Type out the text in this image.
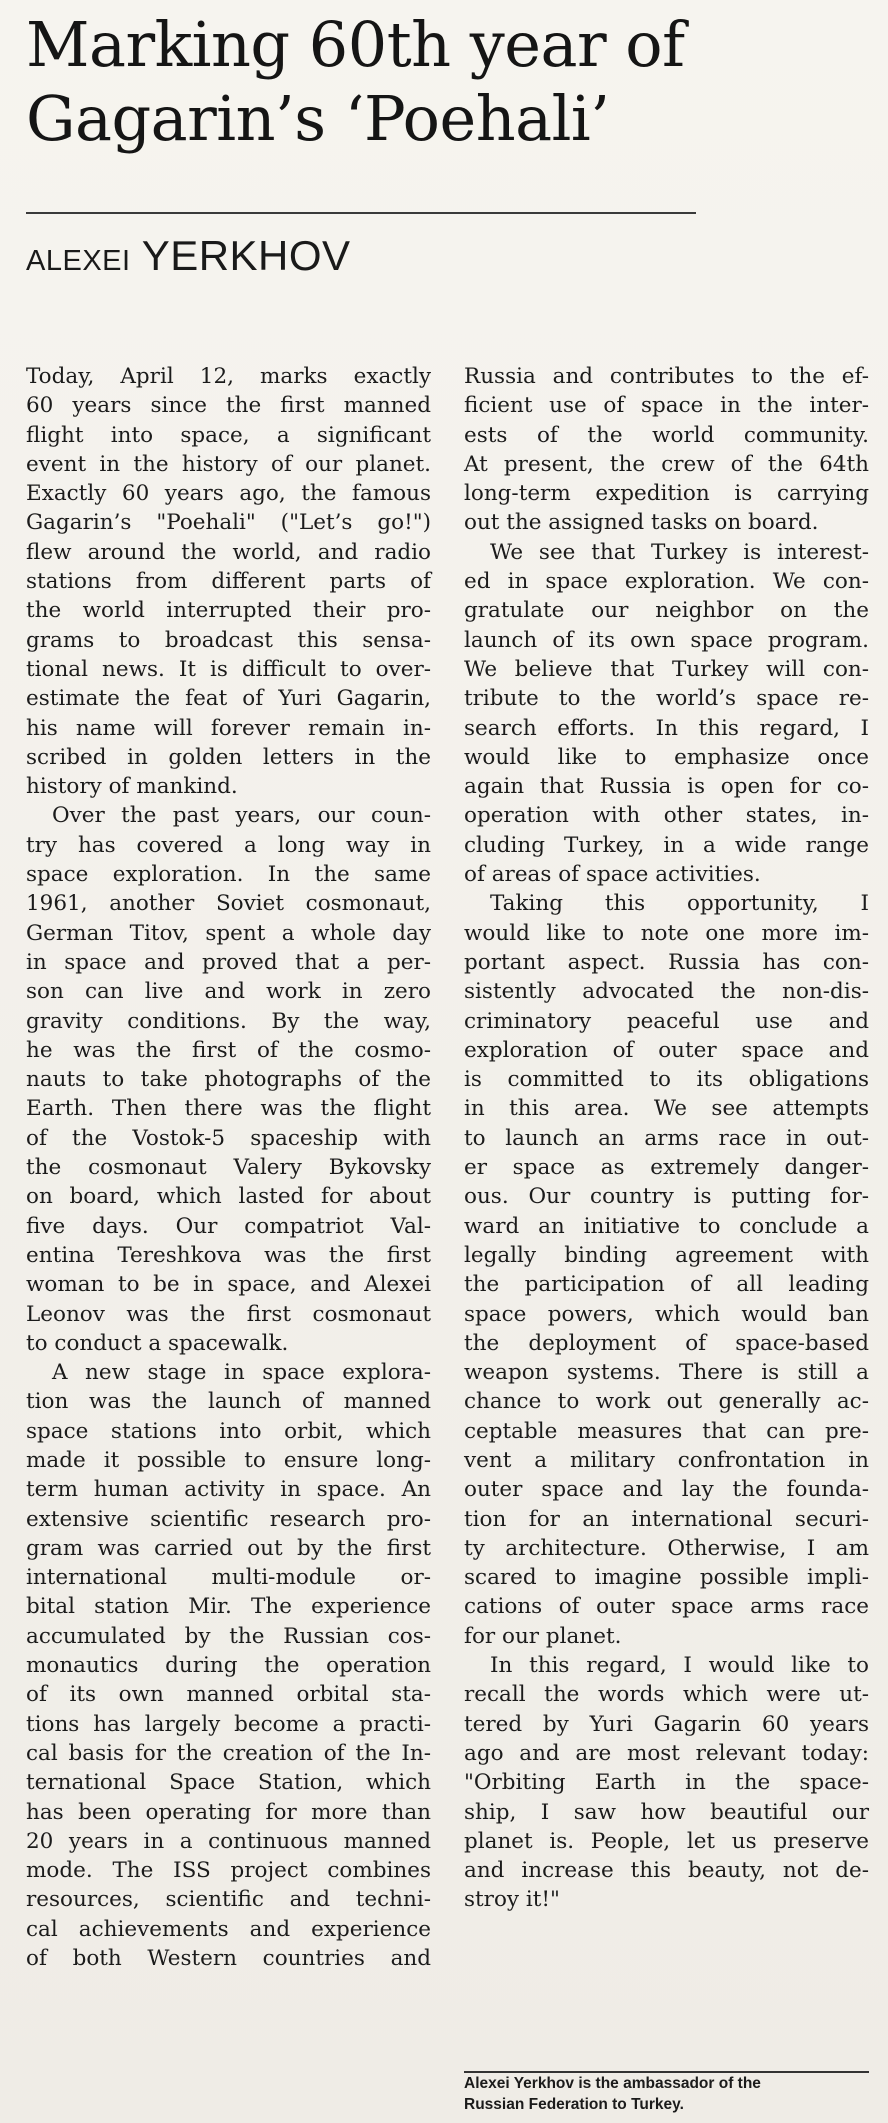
Marking 60th year of
Gagarin’s ‘Poehali’
ALEXEI YERKHOV
Today, April 12, marks exactly
60 years since the first manned
flight into space, a significant
event in the history of our planet.
Exactly 60 years ago, the famous
Gagarin’s "Poehali" ("Let’s go!")
flew around the world, and radio
stations from different parts of
the world interrupted their pro-
grams to broadcast this sensa-
tional news. It is difficult to over-
estimate the feat of Yuri Gagarin,
his name will forever remain in-
scribed in golden letters in the
history of mankind.
Over the past years, our coun-
try has covered a long way in
space exploration. In the same
1961, another Soviet cosmonaut,
German Titov, spent a whole day
in space and proved that a per-
son can live and work in zero
gravity conditions. By the way,
he was the first of the cosmo-
nauts to take photographs of the
Earth. Then there was the flight
of the Vostok-5 spaceship with
the cosmonaut Valery Bykovsky
on board, which lasted for about
five days. Our compatriot Val-
entina Tereshkova was the first
woman to be in space, and Alexei
Leonov was the first cosmonaut
to conduct a spacewalk.
A new stage in space explora-
tion was the launch of manned
space stations into orbit, which
made it possible to ensure long-
term human activity in space. An
extensive scientific research pro-
gram was carried out by the first
international multi-module or-
bital station Mir. The experience
accumulated by the Russian cos-
monautics during the operation
of its own manned orbital sta-
tions has largely become a practi-
cal basis for the creation of the In-
ternational Space Station, which
has been operating for more than
20 years in a continuous manned
mode. The ISS project combines
resources, scientific and techni-
cal achievements and experience
of both Western countries and
Russia and contributes to the ef-
ficient use of space in the inter-
ests of the world community.
At present, the crew of the 64th
long-term expedition is carrying
out the assigned tasks on board.
We see that Turkey is interest-
ed in space exploration. We con-
gratulate our neighbor on the
launch of its own space program.
We believe that Turkey will con-
tribute to the world’s space re-
search efforts. In this regard, I
would like to emphasize once
again that Russia is open for co-
operation with other states, in-
cluding Turkey, in a wide range
of areas of space activities.
Taking this opportunity, I
would like to note one more im-
portant aspect. Russia has con-
sistently advocated the non-dis-
criminatory peaceful use and
exploration of outer space and
is committed to its obligations
in this area. We see attempts
to launch an arms race in out-
er space as extremely danger-
ous. Our country is putting for-
ward an initiative to conclude a
legally binding agreement with
the participation of all leading
space powers, which would ban
the deployment of space-based
weapon systems. There is still a
chance to work out generally ac-
ceptable measures that can pre-
vent a military confrontation in
outer space and lay the founda-
tion for an international securi-
ty architecture. Otherwise, I am
scared to imagine possible impli-
cations of outer space arms race
for our planet.
In this regard, I would like to
recall the words which were ut-
tered by Yuri Gagarin 60 years
ago and are most relevant today:
"Orbiting Earth in the space-
ship, I saw how beautiful our
planet is. People, let us preserve
and increase this beauty, not de-
stroy it!"
Alexei Yerkhov is the ambassador of the
Russian Federation to Turkey.
